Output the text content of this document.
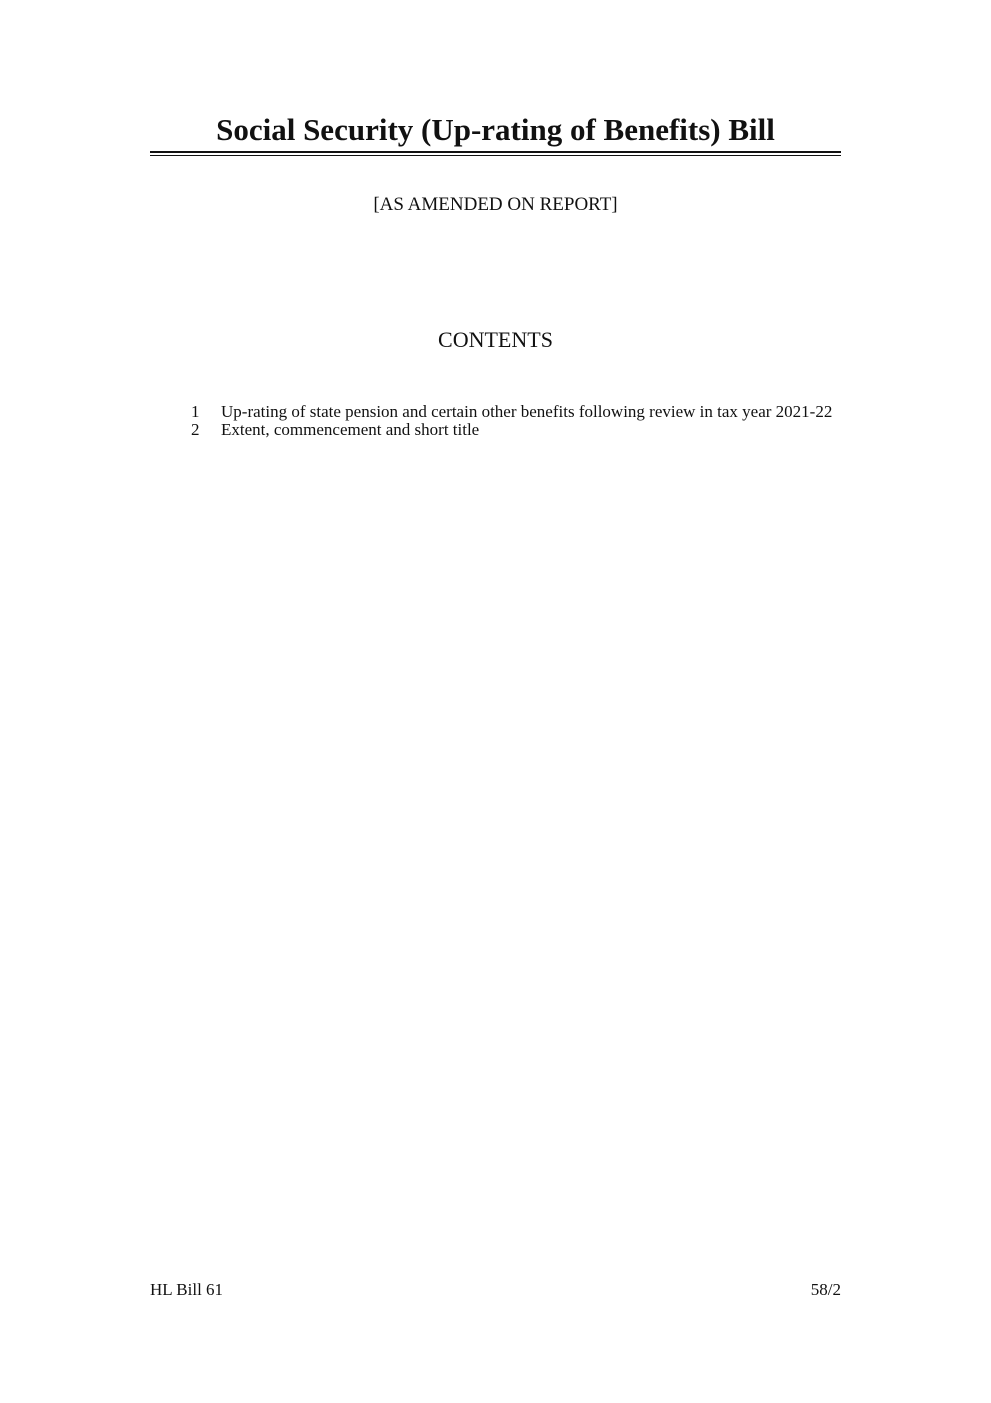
Social Security (Up-rating of Benefits) Bill
[AS AMENDED ON REPORT]
CONTENTS
1 Up-rating of state pension and certain other benefits following review in tax year 2021-22
2 Extent, commencement and short title
HL Bill 61	58/2
